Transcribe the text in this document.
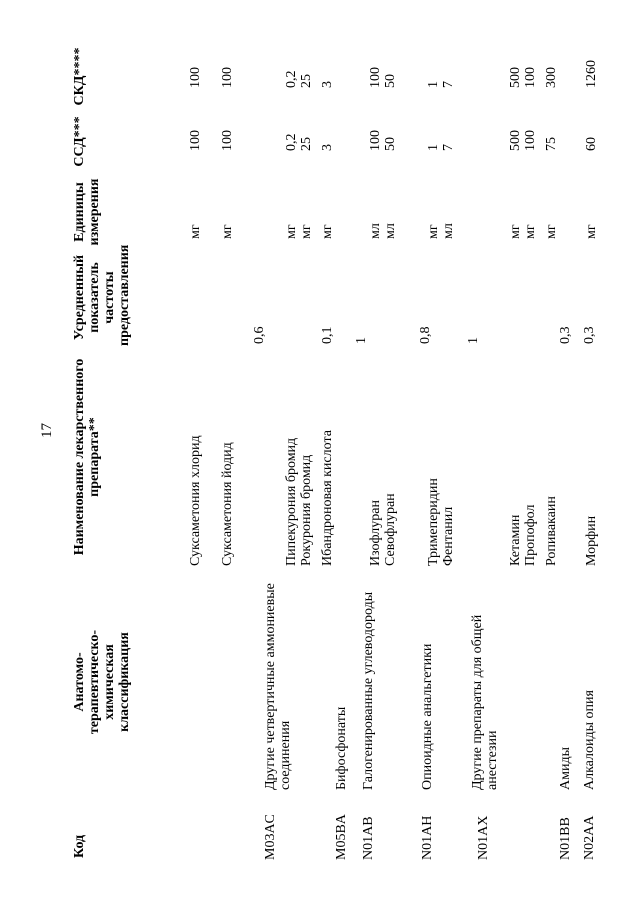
17
Код	Анатомо-терапевтическо-химическая классификация	Наименование лекарственного препарата**	Усредненный показатель частоты предоставления	Единицы измерения	ССД***	СКД****
		Суксаметония хлорид		мг	100	100
		Суксаметония йодид		мг	100	100
M03AC	Другие четвертичные аммониевые соединения	Пипекурония бромид Рокурония бромид	0,6	мг мг	0,2 25	0,2 25

M05BA	Бифосфонаты	Ибандроновая кислота	0,1	мг	3	3
N01AB	Галогенированные углеводороды	Изофлуран Севофлуран	1	мл мл	100 50	100 50

N01AH	Опиоидные анальгетики	Тримеперидин Фентанил	0,8	мг мл	1 7	1 7

N01AX	Другие препараты для общей анестезии	Кетамин Пропофол	1	мг мг	500 100	500 100

N01BB	Амиды	Ропивакаин	0,3	мг	75	300
N02AA	Алкалоиды опия	Морфин	0,3	мг	60	1260
